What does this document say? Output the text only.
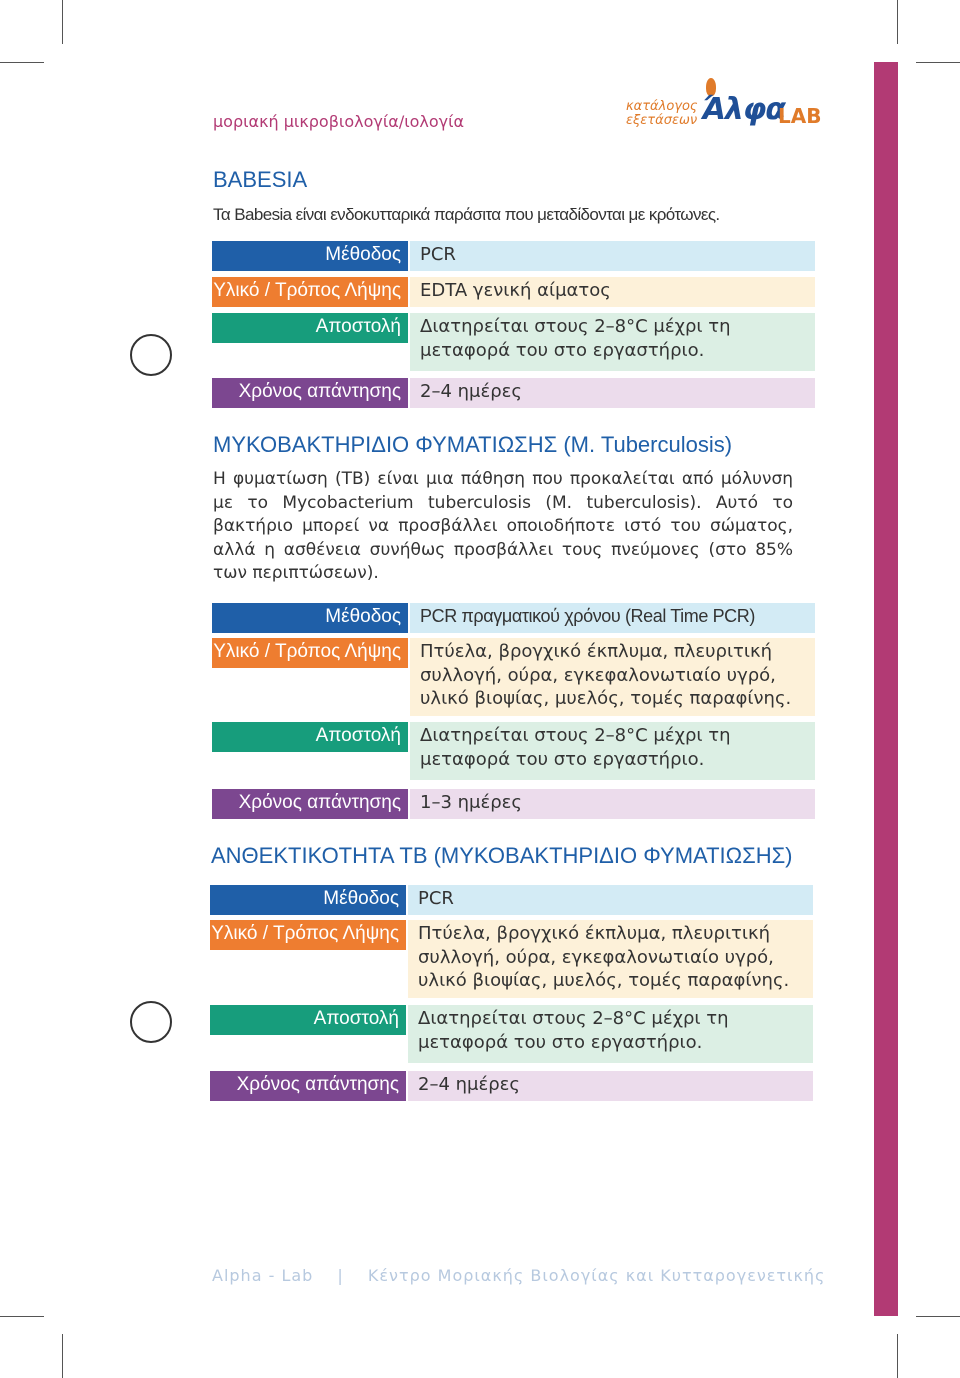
μοριακή μικροβιολογία/ιολογία
κατάλογος
εξετάσεων Άλφα
LAB
BABESIA
Τα Babesia είναι ενδοκυτταρικά παράσιτα που μεταδίδονται με κρότωνες.
Μέθοδος	PCR
Υλικό / Τρόπος Λήψης	EDTA γενική αίματος
Αποστολή	Διατηρείται στους 2–8°C μέχρι τη μεταφορά του στο εργαστήριο.
Χρόνος απάντησης	2–4 ημέρες
ΜΥΚΟΒΑΚΤΗΡΙΔΙΟ ΦΥΜΑΤΙΩΣΗΣ (M. Tuberculosis)
Η φυματίωση (ΤΒ) είναι μια πάθηση που προκαλείται από μόλυνση με το Mycobacterium tuberculosis (M. tuberculosis). Αυτό το βακτήριο μπορεί να προσβάλλει οποιοδήποτε ιστό του σώματος, αλλά η ασθένεια συνήθως προσβάλλει τους πνεύμονες (στο 85% των περιπτώσεων).
Μέθοδος	PCR πραγματικού χρόνου (Real Time PCR)
Υλικό / Τρόπος Λήψης	Πτύελα, βρογχικό έκπλυμα, πλευριτική συλλογή, ούρα, εγκεφαλονωτιαίο υγρό, υλικό βιοψίας, μυελός, τομές παραφίνης.
Αποστολή	Διατηρείται στους 2–8°C μέχρι τη μεταφορά του στο εργαστήριο.
Χρόνος απάντησης	1–3 ημέρες
ΑΝΘΕΚΤΙΚΟΤΗΤΑ TB (ΜΥΚΟΒΑΚΤΗΡΙΔΙΟ ΦΥΜΑΤΙΩΣΗΣ)
Μέθοδος	PCR
Υλικό / Τρόπος Λήψης	Πτύελα, βρογχικό έκπλυμα, πλευριτική συλλογή, ούρα, εγκεφαλονωτιαίο υγρό, υλικό βιοψίας, μυελός, τομές παραφίνης.
Αποστολή	Διατηρείται στους 2–8°C μέχρι τη μεταφορά του στο εργαστήριο.
Χρόνος απάντησης	2–4 ημέρες
Alpha - Lab | Κέντρο Μοριακής Βιολογίας και Κυτταρογενετικής
